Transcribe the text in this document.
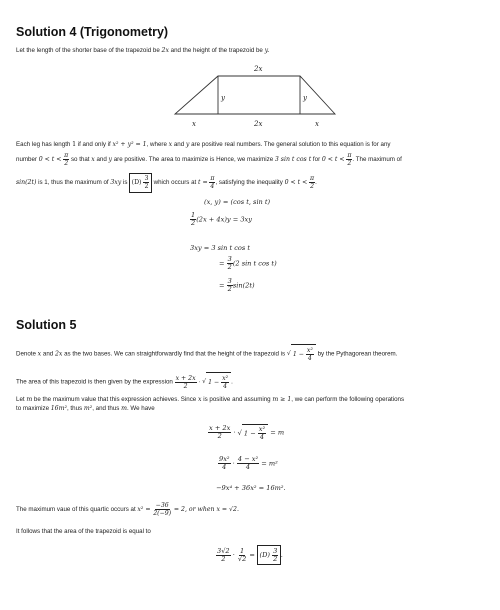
Solution 4 (Trigonometry)
Let the length of the shorter base of the trapezoid be 2x and the height of the trapezoid be y.
2x
y	y
x	2x	x
Each leg has length 1 if and only if x² + y² = 1, where x and y are positive real numbers. The general solution to this equation is for any
number $0 < t < \frac{\pi}{2}$ so that x and y are positive. The area to maximize is Hence, we maximize 3 sin t cos t for $0 < t < \frac{\pi}{2}$ . The maximum of
sin(2t) is 1, thus the maximum of 3xy is $(D) \frac{3}{2}$ which occurs at $t = \frac{\pi}{4}$ , satisfying the inequality $0 < t < \frac{\pi}{2}$ .
(x, y) = (cos t, sin t)
$\frac{1}{2} (2x + 4x)y = 3xy$
3xy = 3 sin t cos t
= $\frac{3}{2} (2$ sin t cos t)
= $\frac{3}{2} \sin(2t)$
Solution 5
Denote x and 2x as the two bases. We can straightforwardly find that the height of the trapezoid is √ $1 - \frac{\text{x²}}{4}$ by the Pythagorean theorem.
The area of this trapezoid is then given by the expression $\frac{x + 2x}{2}$ · √ $1 - \frac{\text{x²}}{4}$ .
Let m be the maximum value that this expression achieves. Since x is positive and assuming m ≥ 1, we can perform the following operations
to maximize 16m², thus m², and thus m. We have
$\frac{x + 2x}{2}$ · √ $1 - \frac{\text{x²}}{4} = m$
$\frac{\text{9x²}}{4} \cdot \frac{\text{4 − x²}}{4} = m^2$
−9x⁴ + 36x² = 16m².
The maximum vaue of this quartic occurs at $x^2 = \frac{-36}{2(-9)} = 2$, or when x = √2.
It follows that the area of the trapezoid is equal to
$\frac{3√2}{2} \cdot \frac{1}{√2} = (D) \frac{3}{2}$ .
